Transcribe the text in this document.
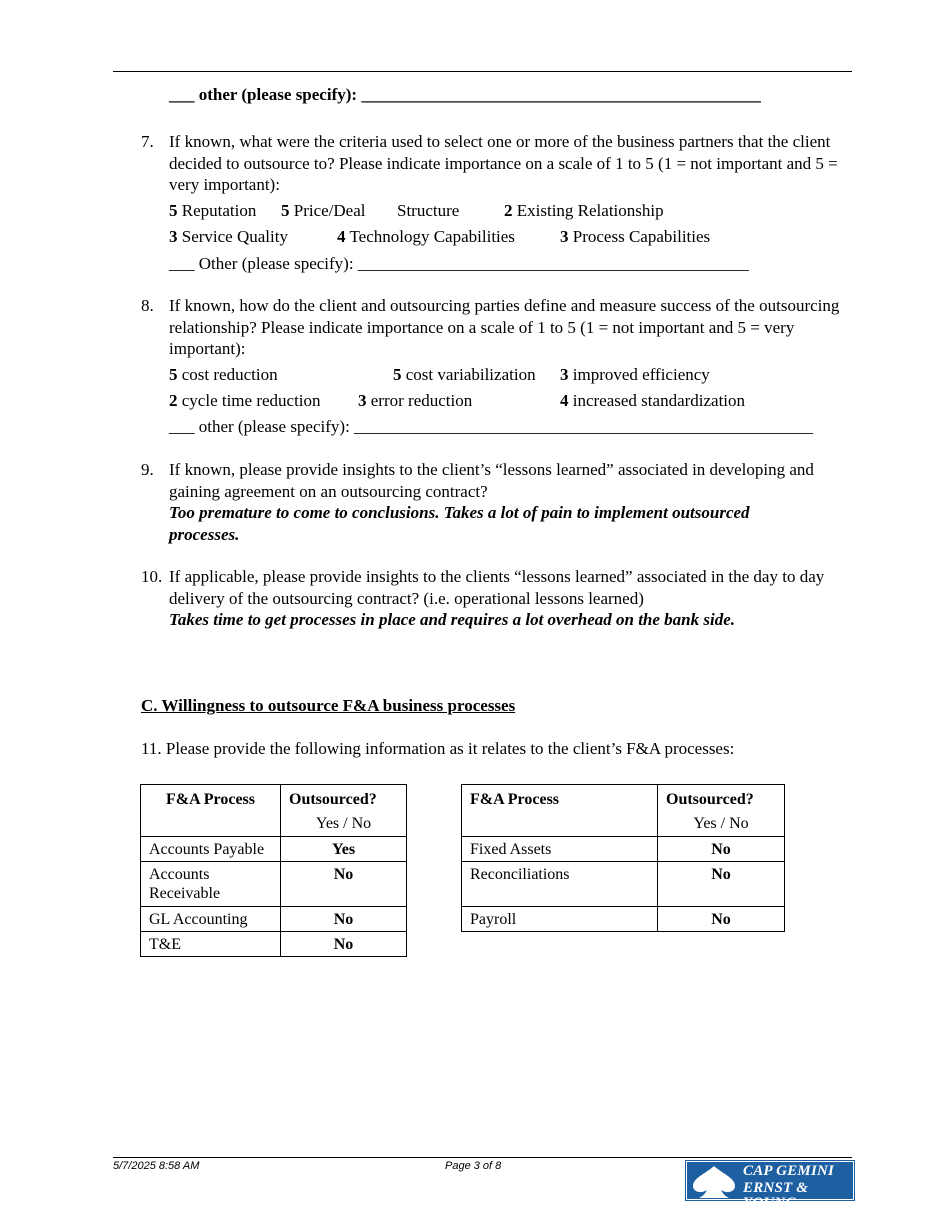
___ other (please specify): _______________________________________________
7. If known, what were the criteria used to select one or more of the business partners that the client decided to outsource to? Please indicate importance on a scale of 1 to 5 (1 = not important and 5 = very important):
5 Reputation 5 Price/Deal Structure	2 Existing Relationship
3 Service Quality	4 Technology Capabilities	3 Process Capabilities
___ Other (please specify): ______________________________________________
8. If known, how do the client and outsourcing parties define and measure success of the outsourcing relationship? Please indicate importance on a scale of 1 to 5 (1 = not important and 5 = very important):
5 cost reduction	5 cost variabilization 3 improved efficiency
2 cycle time reduction 3 error reduction	4 increased standardization
___ other (please specify): ______________________________________________________
9. If known, please provide insights to the client’s “lessons learned” associated in developing and gaining agreement on an outsourcing contract?
Too premature to come to conclusions. Takes a lot of pain to implement outsourced processes.
10. If applicable, please provide insights to the clients “lessons learned” associated in the day to day delivery of the outsourcing contract? (i.e. operational lessons learned)
Takes time to get processes in place and requires a lot overhead on the bank side.
C. Willingness to outsource F&A business processes
11. Please provide the following information as it relates to the client’s F&A processes:
F&A Process	Outsourced?
Yes / No

Accounts Payable	Yes
Accounts
Receivable	No
GL Accounting	No
T&E	No
F&A Process	Outsourced?
Yes / No

Fixed Assets	No
Reconciliations	No
Payroll	No
5/7/2025 8:58 AM	Page 3 of 8	CAP GEMINI
ERNST & YOUNG
